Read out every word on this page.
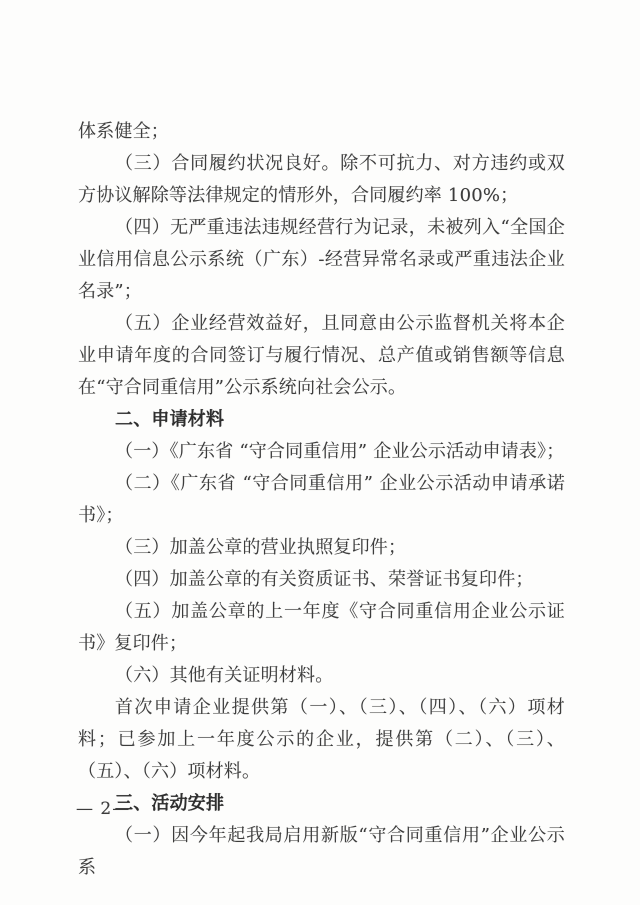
体系健全；
（三）合同履约状况良好。除不可抗力、对方违约或双方协议解除等法律规定的情形外，合同履约率 100%；
（四）无严重违法违规经营行为记录，未被列入“全国企业信用信息公示系统（广东）-经营异常名录或严重违法企业名录”；
（五）企业经营效益好，且同意由公示监督机关将本企业申请年度的合同签订与履行情况、总产值或销售额等信息在“守合同重信用”公示系统向社会公示。
二、申请材料
（一）《广东省 “守合同重信用” 企业公示活动申请表》；
（二）《广东省 “守合同重信用” 企业公示活动申请承诺书》；
（三）加盖公章的营业执照复印件；
（四）加盖公章的有关资质证书、荣誉证书复印件；
（五）加盖公章的上一年度《守合同重信用企业公示证书》复印件；
（六）其他有关证明材料。
首次申请企业提供第（一）、（三）、（四）、（六）项材料；已参加上一年度公示的企业，提供第（二）、（三）、（五）、（六）项材料。
三、活动安排
（一）因今年起我局启用新版“守合同重信用”企业公示系
— 2—
